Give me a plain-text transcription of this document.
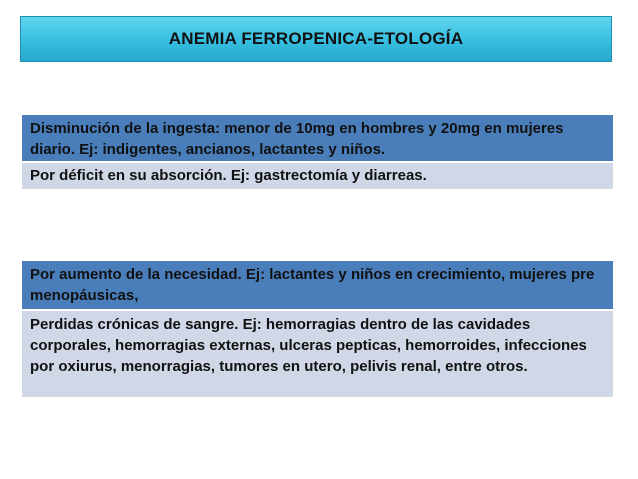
ANEMIA FERROPENICA-ETOLOGÍA
Disminución de la ingesta: menor de 10mg en hombres y 20mg en mujeres diario. Ej: indigentes, ancianos, lactantes y niños.
Por déficit en su absorción. Ej: gastrectomía y diarreas.
Por aumento de la necesidad. Ej: lactantes y niños en crecimiento, mujeres pre menopáusicas,
Perdidas crónicas de sangre. Ej: hemorragias dentro de las cavidades corporales, hemorragias externas, ulceras pepticas, hemorroides, infecciones por oxiurus, menorragias, tumores en utero, pelivis renal, entre otros.
